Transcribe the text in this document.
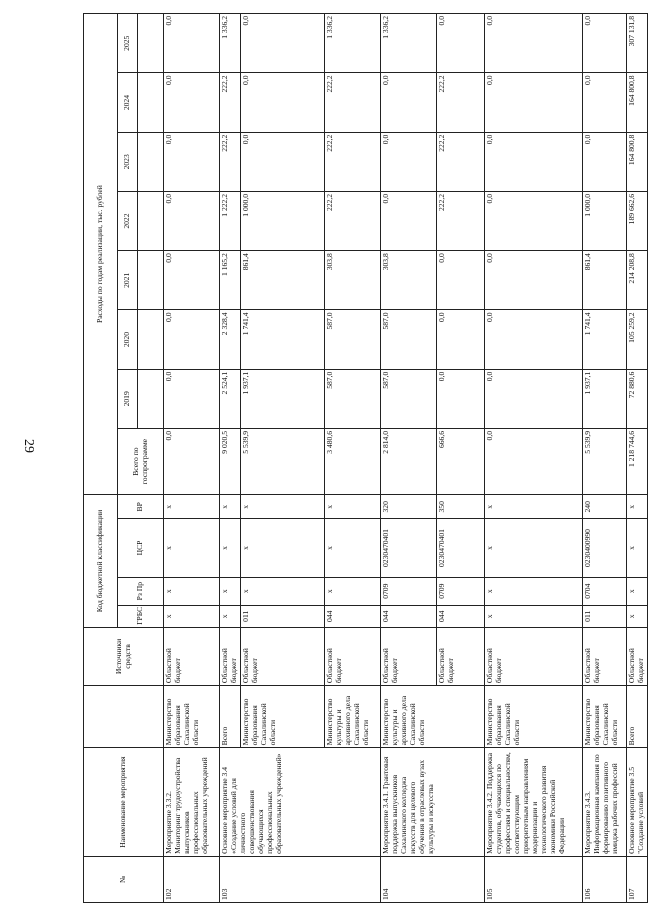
29
№	Наименование мероприятия		Источники средств	Код бюджетной классификации				Расходы по годам реализации, тыс. рублей							
				ГРБС	Рз Пр	ЦСР	ВР	Всего по госпрограмме	2019	2020	2021	2022	2023	2024	2025

102	Мероприятие 3.3.2. Мониторинг трудоустройства выпускников профессиональных образовательных учреждений	Министерство образования Сахалинской области	Областной бюджет	х	х	х	х	0,0	0,0	0,0	0,0	0,0	0,0	0,0	0,0
103	Основное мероприятие 3.4 «Создание условий для личностного совершенствования обучающихся профессиональных образовательных учреждений»	Всего	Областной бюджет	х	х	х	х	9 020,5	2 524,1	2 328,4	1 165,2	1 222,2	222,2	222,2	1 336,2
		Министерство образования Сахалинской области	Областной бюджет	011	х	х	х	5 539,9	1 937,1	1 741,4	861,4	1 000,0	0,0	0,0	0,0
		Министерство культуры и архивного дела Сахалинской области	Областной бюджет	044	х	х	х	3 480,6	587,0	587,0	303,8	222,2	222,2	222,2	1 336,2
104	Мероприятие 3.4.1. Грантовая поддержка выпускников Сахалинского колледжа искусств для целевого обучения в отраслевых вузах культуры и искусства	Министерство культуры и архивного дела Сахалинской области	Областной бюджет	044	0709	0230470401	320	2 814,0	587,0	587,0	303,8	0,0	0,0	0,0	1 336,2
			Областной бюджет	044	0709	0230470401	350	666,6	0,0	0,0	0,0	222,2	222,2	222,2	0,0
105	Мероприятие 3.4.2. Поддержка студентов, обучающихся по профессиям и специальностям, соответствующим приоритетным направлениям модернизации и технологического развития экономики Российской Федерации	Министерство образования Сахалинской области	Областной бюджет	х	х	х	х	0,0	0,0	0,0	0,0	0,0	0,0	0,0	0,0
106	Мероприятие 3.4.3. Информационная кампания по формированию позитивного имиджа рабочих профессий	Министерство образования Сахалинской области	Областной бюджет	011	0704	0230400990	240	5 539,9	1 937,1	1 741,4	861,4	1 000,0	0,0	0,0	0,0
107	Основное мероприятие 3.5 "Создание условий	Всего	Областной бюджет	х	х	х	х	1 218 744,6	72 880,6	105 259,2	214 208,8	189 662,6	164 800,8	164 800,8	307 131,8
